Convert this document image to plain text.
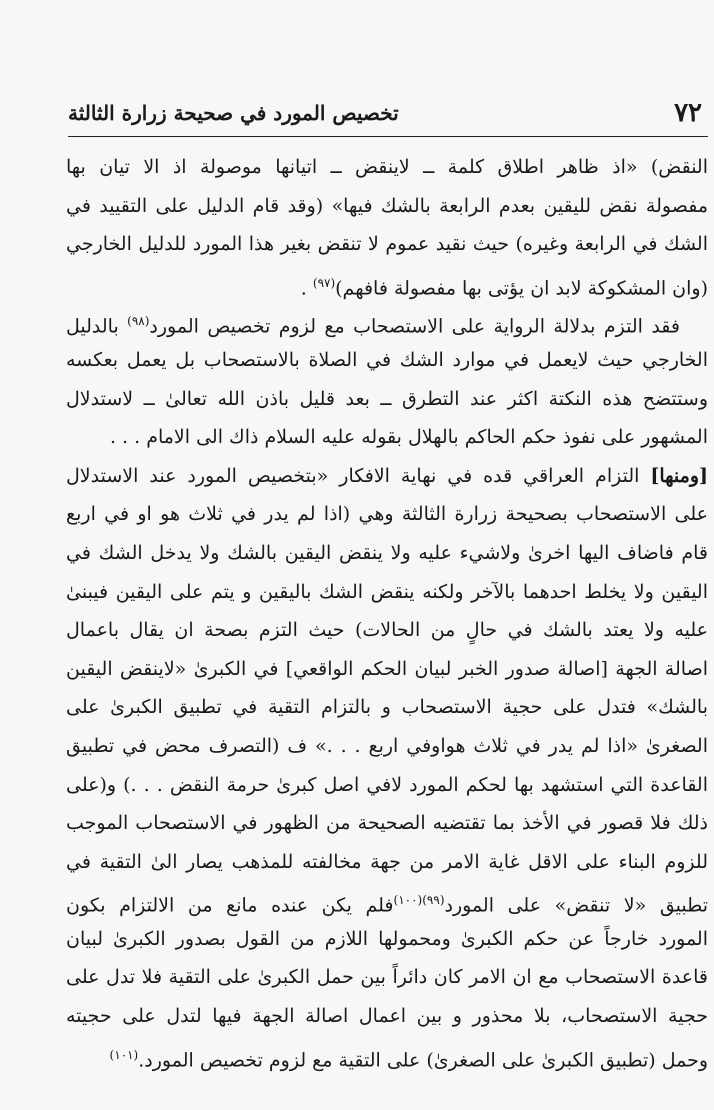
٧٢
تخصيص المورد في صحيحة زرارة الثالثة
النقض) «اذ ظاهر اطلاق كلمة ــ لاينقض ــ اتيانها موصولة اذ الا تيان بها
مفصولة نقض لليقين بعدم الرابعة بالشك فيها» (وقد قام الدليل على التقييد في
الشك في الرابعة وغيره) حيث نقيد عموم لا تنقض بغير هذا المورد للدليل الخارجي
(وان المشكوكة لابد ان يؤتى بها مفصولة فافهم)$^{(٩٧)}$ .
فقد التزم بدلالة الرواية على الاستصحاب مع لزوم تخصيص المورد$^{(٩٨)}$ بالدليل
الخارجي حيث لايعمل في موارد الشك في الصلاة بالاستصحاب بل يعمل بعكسه
وستتضح هذه النكتة اكثر عند التطرق ــ بعد قليل باذن الله تعالىٰ ــ لاستدلال
المشهور على نفوذ حكم الحاكم بالهلال بقوله عليه السلام ذاك الى الامام . . .
[ومنها] التزام العراقي قده في نهاية الافكار «بتخصيص المورد عند الاستدلال
على الاستصحاب بصحيحة زرارة الثالثة وهي (اذا لم يدر في ثلاث هو او في اربع
قام فاضاف اليها اخرىٰ ولاشيء عليه ولا ينقض اليقين بالشك ولا يدخل الشك في
اليقين ولا يخلط احدهما بالآخر ولكنه ينقض الشك باليقين و يتم على اليقين فيبنىٰ
عليه ولا يعتد بالشك في حالٍ من الحالات) حيث التزم بصحة ان يقال باعمال
اصالة الجهة [اصالة صدور الخبر لبيان الحكم الواقعي] في الكبرىٰ «لاينقض اليقين
بالشك» فتدل على حجية الاستصحاب و بالتزام التقية في تطبيق الكبرىٰ على
الصغرىٰ «اذا لم يدر في ثلاث هواوفي اربع . . .» ف (التصرف محض في تطبيق
القاعدة التي استشهد بها لحكم المورد لافي اصل كبرىٰ حرمة النقض . . .) و(على
ذلك فلا قصور في الأخذ بما تقتضيه الصحيحة من الظهور في الاستصحاب الموجب
للزوم البناء على الاقل غاية الامر من جهة مخالفته للمذهب يصار الىٰ التقية في
تطبيق «لا تنقض» على المورد$^{(٩٩)(١٠٠)}$فلم يكن عنده مانع من الالتزام بكون
المورد خارجاً عن حكم الكبرىٰ ومحمولها اللازم من القول بصدور الكبرىٰ لبيان
قاعدة الاستصحاب مع ان الامر كان دائراً بين حمل الكبرىٰ على التقية فلا تدل على
حجية الاستصحاب، بلا محذور و بين اعمال اصالة الجهة فيها لتدل على حجيته
وحمل (تطبيق الكبرىٰ على الصغرىٰ) على التقية مع لزوم تخصيص المورد.$^{(١٠١)}$
